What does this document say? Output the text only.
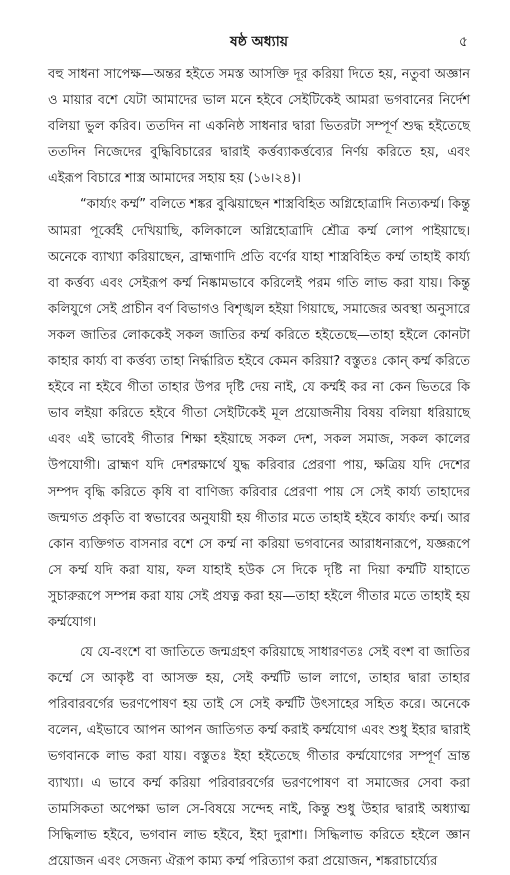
ষষ্ঠ অধ্যায়	৫

বহু সাধনা সাপেক্ষ—অন্তর হইতে সমস্ত আসক্তি দূর করিয়া দিতে হয়, নতুবা অজ্ঞান ও মায়ার বশে যেটা আমাদের ভাল মনে হইবে সেইটিকেই আমরা ভগবানের নির্দেশ বলিয়া ভুল করিব। ততদিন না একনিষ্ঠ সাধনার দ্বারা ভিতরটা সম্পূর্ণ শুদ্ধ হইতেছে ততদিন নিজেদের বুদ্ধিবিচারের দ্বারাই কর্ত্তব্যাকর্ত্তব্যের নির্ণয় করিতে হয়, এবং এইরূপ বিচারে শাস্ত্র আমাদের সহায় হয় (১৬।২৪)।

“কার্য্যং কর্ম্ম” বলিতে শঙ্কর বুঝিয়াছেন শাস্ত্রবিহিত অগ্নিহোত্রাদি নিত্যকর্ম্ম। কিন্তু আমরা পূর্ব্বেই দেখিয়াছি, কলিকালে অগ্নিহোত্রাদি শ্রৌত্র কর্ম্ম লোপ পাইয়াছে। অনেকে ব্যাখ্যা করিয়াছেন, ব্রাহ্মণাদি প্রতি বর্ণের যাহা শাস্ত্রবিহিত কর্ম্ম তাহাই কার্য্য বা কর্ত্তব্য এবং সেইরূপ কর্ম্ম নিষ্কামভাবে করিলেই পরম গতি লাভ করা যায়। কিন্তু কলিযুগে সেই প্রাচীন বর্ণ বিভাগও বিশৃঙ্খল হইয়া গিয়াছে, সমাজের অবস্থা অনুসারে সকল জাতির লোককেই সকল জাতির কর্ম্ম করিতে হইতেছে—তাহা হইলে কোনটা কাহার কার্য্য বা কর্ত্তব্য তাহা নির্দ্ধারিত হইবে কেমন করিয়া? বস্তুতঃ কোন্‌ কর্ম্ম করিতে হইবে না হইবে গীতা তাহার উপর দৃষ্টি দেয় নাই, যে কর্ম্মই কর না কেন ভিতরে কি ভাব লইয়া করিতে হইবে গীতা সেইটিকেই মূল প্রয়োজনীয় বিষয় বলিয়া ধরিয়াছে এবং এই ভাবেই গীতার শিক্ষা হইয়াছে সকল দেশ, সকল সমাজ, সকল কালের উপযোগী। ব্রাহ্মণ যদি দেশরক্ষার্থে যুদ্ধ করিবার প্রেরণা পায়, ক্ষত্রিয় যদি দেশের সম্পদ বৃদ্ধি করিতে কৃষি বা বাণিজ্য করিবার প্রেরণা পায় সে সেই কার্য্য তাহাদের জন্মগত প্রকৃতি বা স্বভাবের অনুযায়ী হয় গীতার মতে তাহাই হইবে কার্য্যং কর্ম্ম। আর কোন ব্যক্তিগত বাসনার বশে সে কর্ম্ম না করিয়া ভগবানের আরাধনারূপে, যজ্ঞরূপে সে কর্ম্ম যদি করা যায়, ফল যাহাই হউক সে দিকে দৃষ্টি না দিয়া কর্ম্মটি যাহাতে সুচারুরূপে সম্পন্ন করা যায় সেই প্রযত্ন করা হয়—তাহা হইলে গীতার মতে তাহাই হয় কর্ম্মযোগ।

যে যে-বংশে বা জাতিতে জন্মগ্রহণ করিয়াছে সাধারণতঃ সেই বংশ বা জাতির কর্ম্মে সে আকৃষ্ট বা আসক্ত হয়, সেই কর্ম্মটি ভাল লাগে, তাহার দ্বারা তাহার পরিবারবর্গের ভরণপোষণ হয় তাই সে সেই কর্ম্মটি উৎসাহের সহিত করে। অনেকে বলেন, এইভাবে আপন আপন জাতিগত কর্ম্ম করাই কর্ম্মযোগ এবং শুধু ইহার দ্বারাই ভগবানকে লাভ করা যায়। বস্তুতঃ ইহা হইতেছে গীতার কর্ম্মযোগের সম্পূর্ণ ভ্রান্ত ব্যাখ্যা। এ ভাবে কর্ম্ম করিয়া পরিবারবর্গের ভরণপোষণ বা সমাজের সেবা করা তামসিকতা অপেক্ষা ভাল সে-বিষয়ে সন্দেহ নাই, কিন্তু শুধু উহার দ্বারাই অধ্যাত্ম সিদ্ধিলাভ হইবে, ভগবান লাভ হইবে, ইহা দুরাশা। সিদ্ধিলাভ করিতে হইলে জ্ঞান প্রয়োজন এবং সেজন্য ঐরূপ কাম্য কর্ম্ম পরিত্যাগ করা প্রয়োজন, শঙ্করাচার্য্যের
